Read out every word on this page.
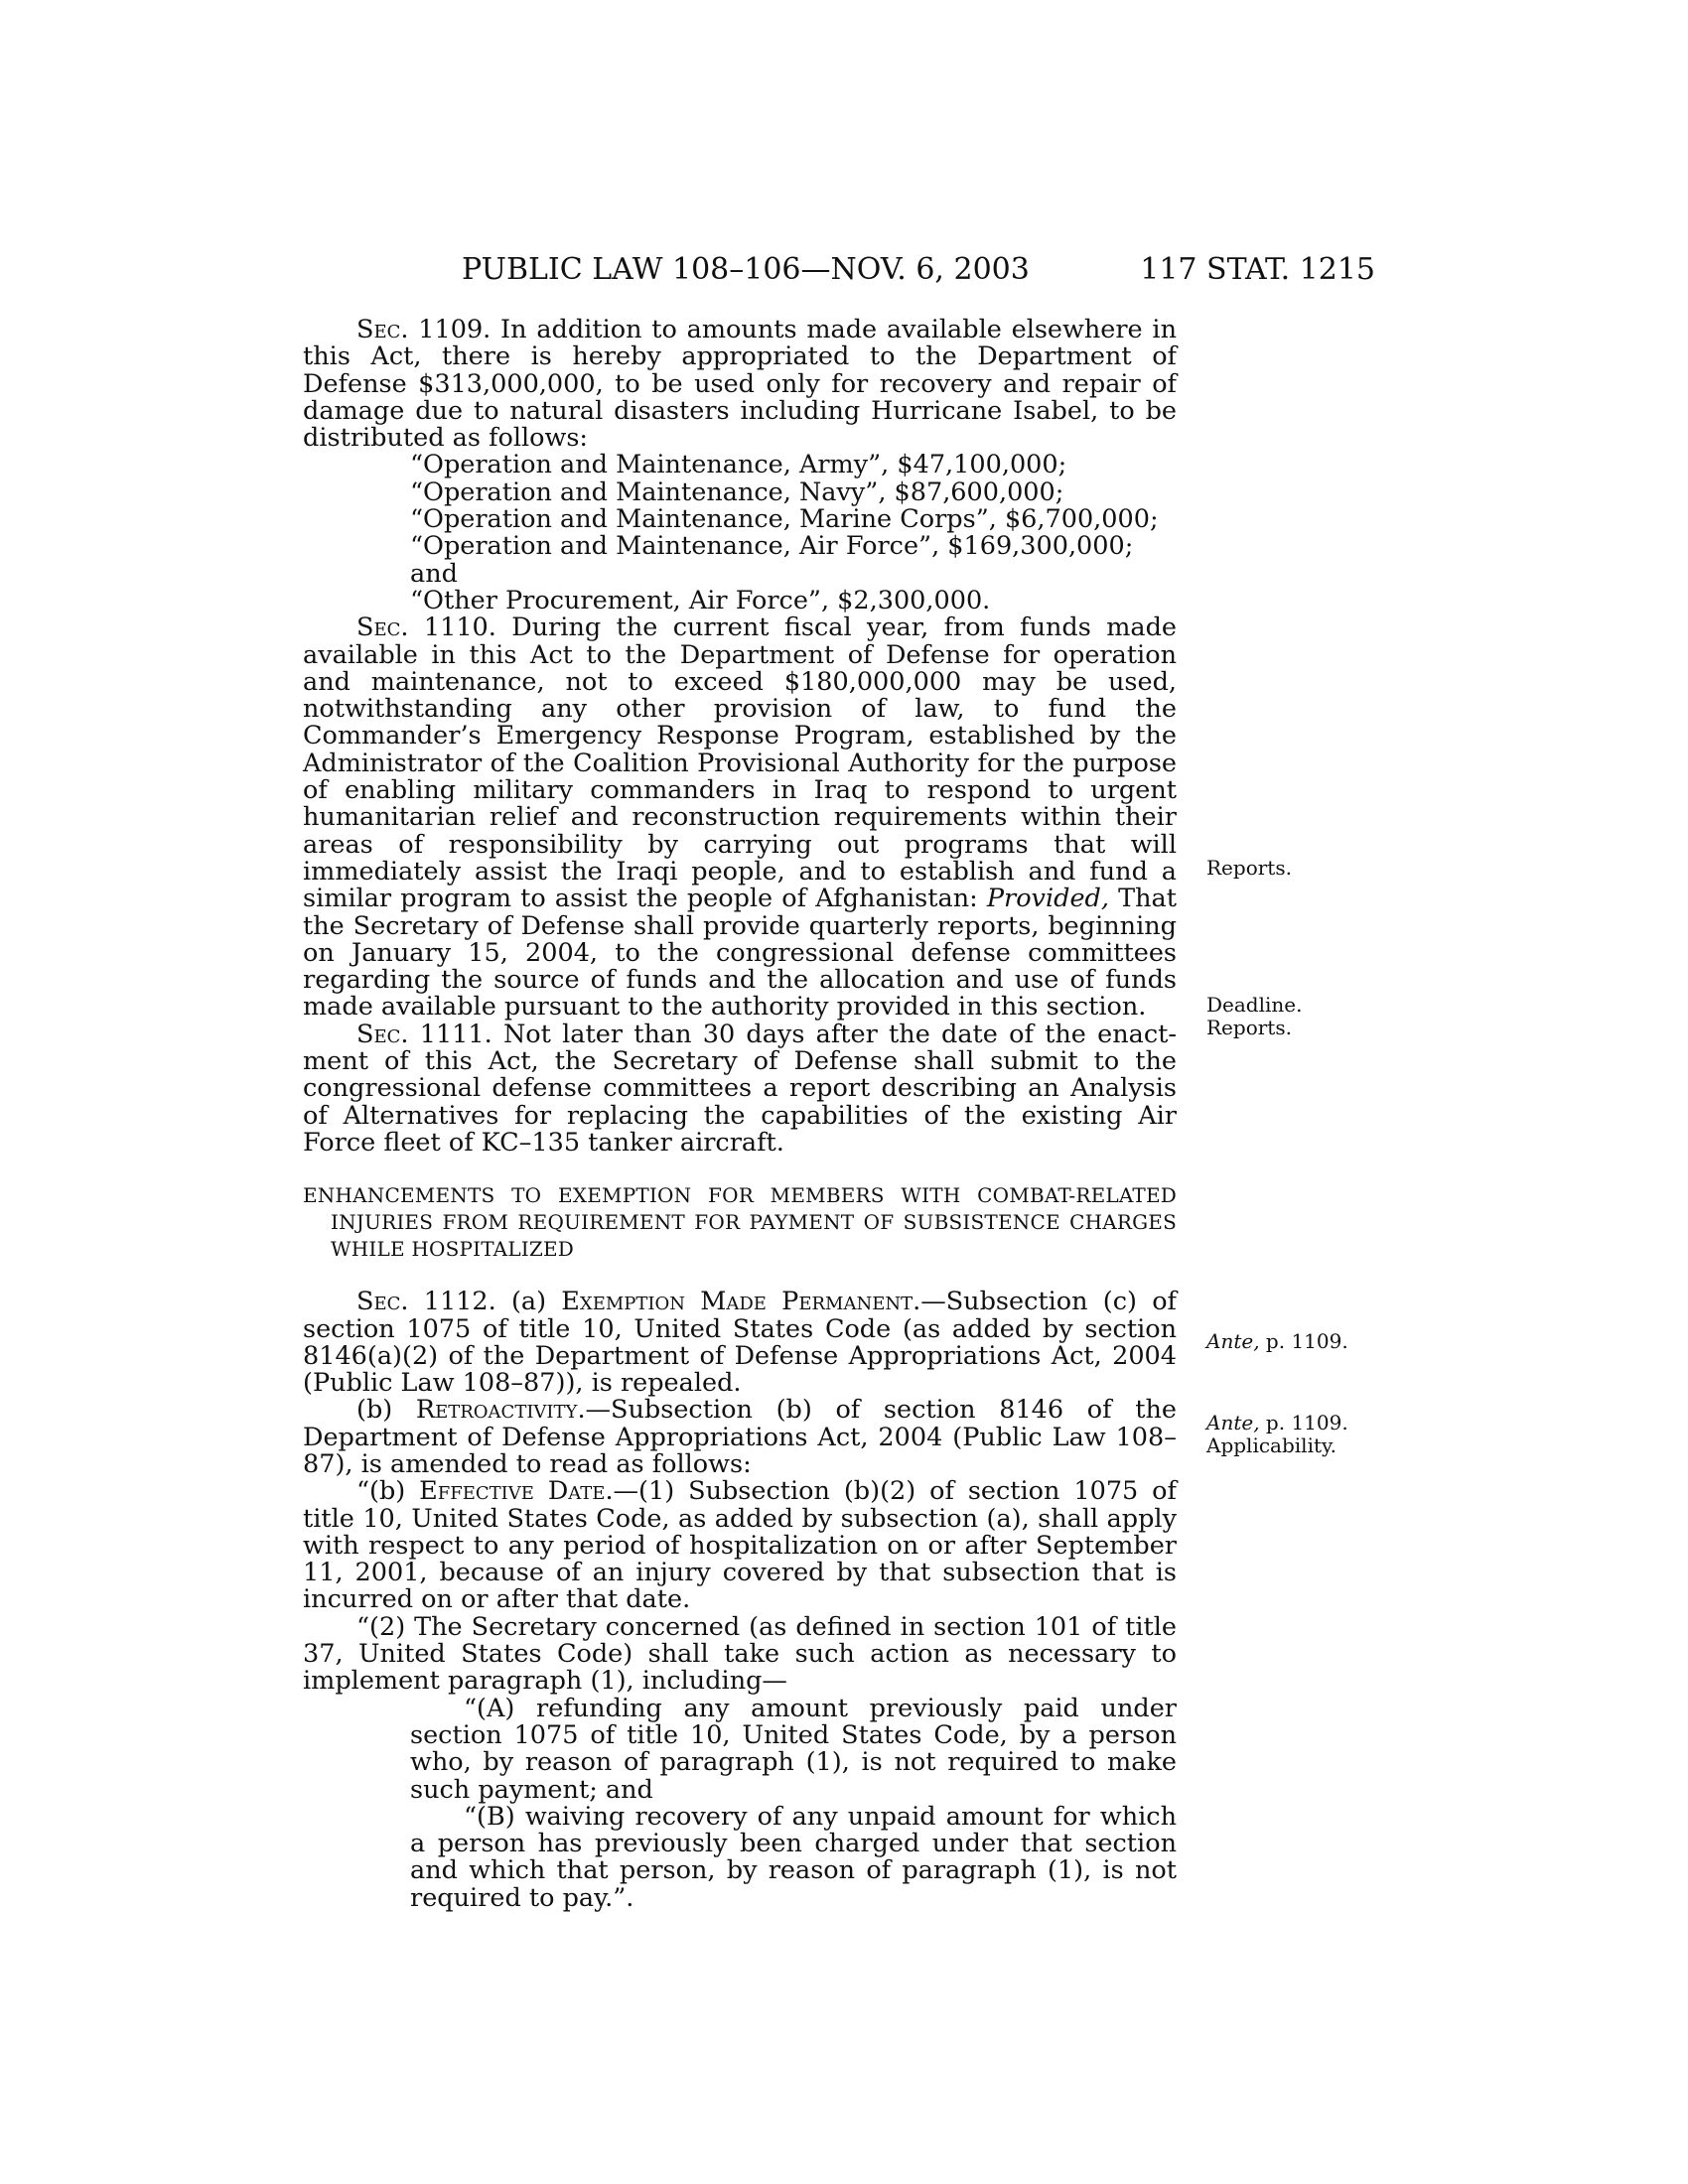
PUBLIC LAW 108–106—NOV. 6, 2003	117 STAT. 1215

Sec. 1109. In addition to amounts made available elsewhere in this Act, there is hereby appropriated to the Department of Defense $313,000,000, to be used only for recovery and repair of damage due to natural disasters including Hurricane Isabel, to be distributed as follows:

“Operation and Maintenance, Army”, $47,100,000;

“Operation and Maintenance, Navy”, $87,600,000;

“Operation and Maintenance, Marine Corps”, $6,700,000;

“Operation and Maintenance, Air Force”, $169,300,000; and

“Other Procurement, Air Force”, $2,300,000.

Sec. 1110. During the current fiscal year, from funds made available in this Act to the Department of Defense for operation and maintenance, not to exceed $180,000,000 may be used, notwithstanding any other provision of law, to fund the Commander’s Emergency Response Program, established by the Administrator of the Coalition Provisional Authority for the purpose of enabling military commanders in Iraq to respond to urgent humanitarian relief and reconstruction requirements within their areas of responsibility by carrying out programs that will immediately assist the Iraqi people, and to establish and fund a similar program to assist the people of Afghanistan: Provided, That the Secretary of Defense shall provide quarterly reports, beginning on January 15, 2004, to the congressional defense committees regarding the source of funds and the allocation and use of funds made available pursuant to the authority provided in this section.

Sec. 1111. Not later than 30 days after the date of the enactment of this Act, the Secretary of Defense shall submit to the congressional defense committees a report describing an Analysis of Alternatives for replacing the capabilities of the existing Air Force fleet of KC–135 tanker aircraft.

ENHANCEMENTS TO EXEMPTION FOR MEMBERS WITH COMBAT-RELATED INJURIES FROM REQUIREMENT FOR PAYMENT OF SUBSISTENCE CHARGES WHILE HOSPITALIZED

Sec. 1112. (a) Exemption Made Permanent.—Subsection (c) of section 1075 of title 10, United States Code (as added by section 8146(a)(2) of the Department of Defense Appropriations Act, 2004 (Public Law 108–87)), is repealed.

(b) Retroactivity.—Subsection (b) of section 8146 of the Department of Defense Appropriations Act, 2004 (Public Law 108– 87), is amended to read as follows:

“(b) Effective Date.—(1) Subsection (b)(2) of section 1075 of title 10, United States Code, as added by subsection (a), shall apply with respect to any period of hospitalization on or after September 11, 2001, because of an injury covered by that subsection that is incurred on or after that date.

“(2) The Secretary concerned (as defined in section 101 of title 37, United States Code) shall take such action as necessary to implement paragraph (1), including—

“(A) refunding any amount previously paid under section 1075 of title 10, United States Code, by a person who, by reason of paragraph (1), is not required to make such payment; and

“(B) waiving recovery of any unpaid amount for which a person has previously been charged under that section and which that person, by reason of paragraph (1), is not required to pay.”.

Reports.
Deadline.
Reports.
Ante, p. 1109.
Ante, p. 1109.
Applicability.
